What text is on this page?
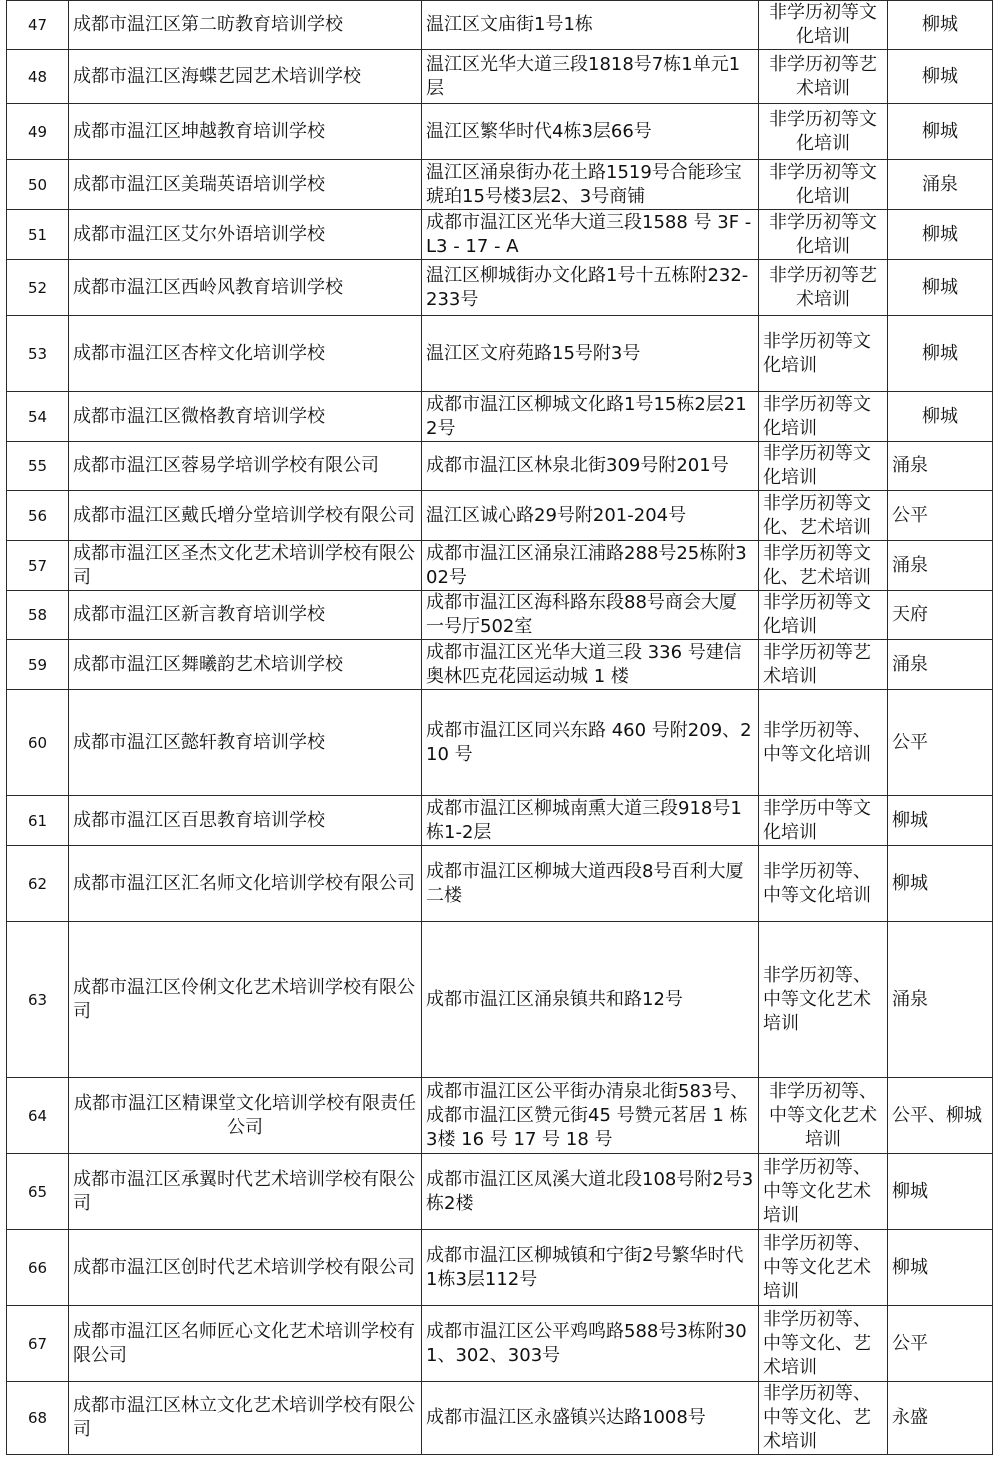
47	成都市温江区第二昉教育培训学校	温江区文庙街1号1栋	非学历初等文化培训	柳城
48	成都市温江区海蝶艺园艺术培训学校	温江区光华大道三段1818号7栋1单元1层	非学历初等艺术培训	柳城
49	成都市温江区坤越教育培训学校	温江区繁华时代4栋3层66号	非学历初等文化培训	柳城
50	成都市温江区美瑞英语培训学校	温江区涌泉街办花土路1519号合能珍宝琥珀15号楼3层2、3号商铺	非学历初等文化培训	涌泉
51	成都市温江区艾尔外语培训学校	成都市温江区光华大道三段1588 号 3F - L3 - 17 - A	非学历初等文化培训	柳城
52	成都市温江区西岭风教育培训学校	温江区柳城街办文化路1号十五栋附232-233号	非学历初等艺术培训	柳城
53	成都市温江区杏梓文化培训学校	温江区文府苑路15号附3号	非学历初等文化培训	柳城
54	成都市温江区微格教育培训学校	成都市温江区柳城文化路1号15栋2层212号	非学历初等文化培训	柳城
55	成都市温江区蓉易学培训学校有限公司	成都市温江区林泉北街309号附201号	非学历初等文化培训	涌泉
56	成都市温江区戴氏增分堂培训学校有限公司	温江区诚心路29号附201-204号	非学历初等文化、艺术培训	公平
57	成都市温江区圣杰文化艺术培训学校有限公司	成都市温江区涌泉江浦路288号25栋附302号	非学历初等文化、艺术培训	涌泉
58	成都市温江区新言教育培训学校	成都市温江区海科路东段88号商会大厦一号厅502室	非学历初等文化培训	天府
59	成都市温江区舞曦韵艺术培训学校	成都市温江区光华大道三段 336 号建信奥林匹克花园运动城 1 楼	非学历初等艺术培训	涌泉
60	成都市温江区懿轩教育培训学校	成都市温江区同兴东路 460 号附209、210 号	非学历初等、中等文化培训	公平
61	成都市温江区百思教育培训学校	成都市温江区柳城南熏大道三段918号1栋1-2层	非学历中等文化培训	柳城
62	成都市温江区汇名师文化培训学校有限公司	成都市温江区柳城大道西段8号百利大厦二楼	非学历初等、中等文化培训	柳城
63	成都市温江区伶俐文化艺术培训学校有限公司	成都市温江区涌泉镇共和路12号	非学历初等、中等文化艺术培训	涌泉
64	成都市温江区精课堂文化培训学校有限责任公司	成都市温江区公平街办清泉北街583号、成都市温江区赞元街45 号赞元茗居 1 栋 3楼 16 号 17 号 18 号	非学历初等、中等文化艺术培训	公平、柳城
65	成都市温江区承翼时代艺术培训学校有限公司	成都市温江区凤溪大道北段108号附2号3栋2楼	非学历初等、中等文化艺术培训	柳城
66	成都市温江区创时代艺术培训学校有限公司	成都市温江区柳城镇和宁街2号繁华时代1栋3层112号	非学历初等、中等文化艺术培训	柳城
67	成都市温江区名师匠心文化艺术培训学校有限公司	成都市温江区公平鸡鸣路588号3栋附301、302、303号	非学历初等、中等文化、艺术培训	公平
68	成都市温江区林立文化艺术培训学校有限公司	成都市温江区永盛镇兴达路1008号	非学历初等、中等文化、艺术培训	永盛
